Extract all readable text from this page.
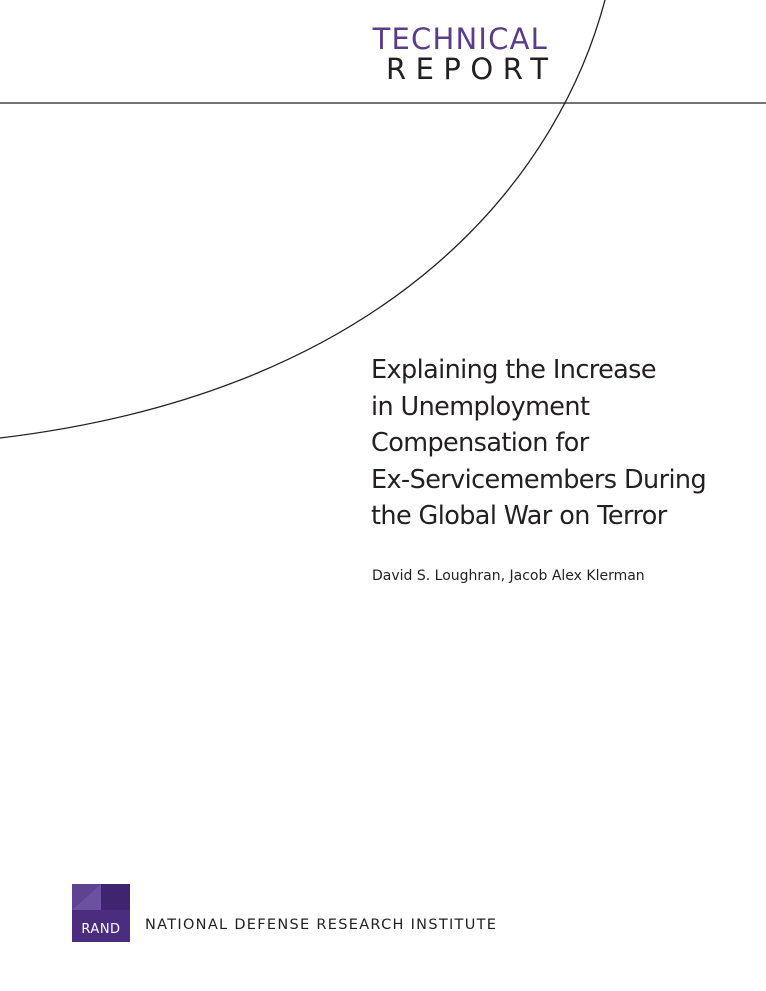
TECHNICAL
REPORT
Explaining the Increase
in Unemployment
Compensation for
Ex-Servicemembers During
the Global War on Terror
David S. Loughran, Jacob Alex Klerman
RAND	NATIONAL DEFENSE RESEARCH INSTITUTE
